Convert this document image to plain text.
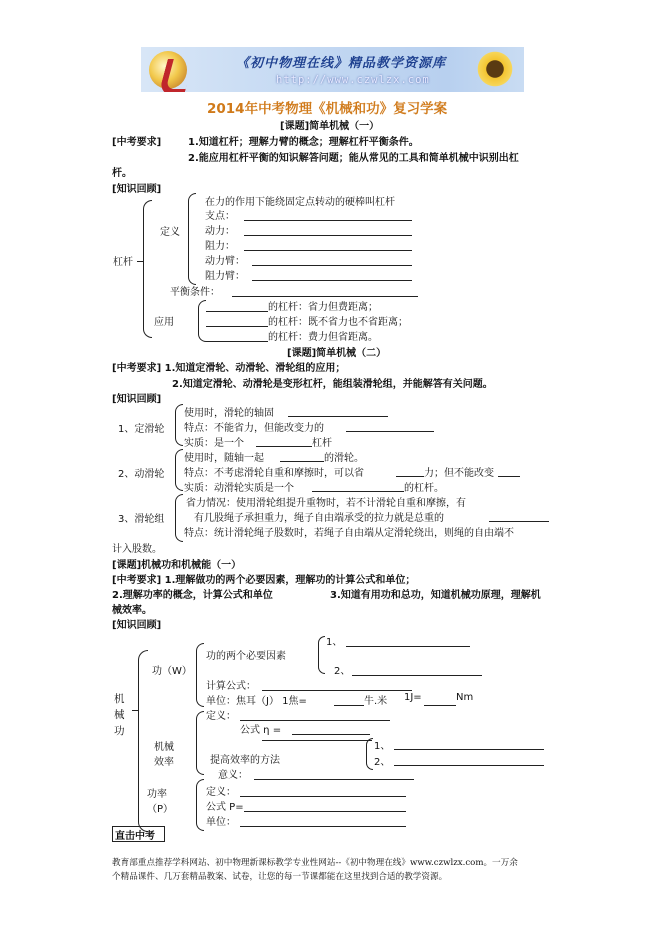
《初中物理在线》精品教学资源库
http://www.czwlzx.com
2014年中考物理《机械和功》复习学案
[课题]简单机械（一）
[中考要求]	1.知道杠杆；理解力臂的概念；理解杠杆平衡条件。
2.能应用杠杆平衡的知识解答问题；能从常见的工具和简单机械中识别出杠
杆。
[知识回顾]
杠杆
定义
在力的作用下能绕固定点转动的硬棒叫杠杆
支点：
动力：
阻力：
动力臂：
阻力臂：
平衡条件：
应用
的杠杆：省力但费距离；
的杠杆：既不省力也不省距离；
的杠杆：费力但省距离。
[课题]简单机械（二）
[中考要求] 1.知道定滑轮、动滑轮、滑轮组的应用；
2.知道定滑轮、动滑轮是变形杠杆，能组装滑轮组，并能解答有关问题。
[知识回顾]
1、定滑轮
使用时，滑轮的轴固
特点：不能省力，但能改变力的
实质：是一个	杠杆
2、动滑轮
使用时，随轴一起	的滑轮。
特点：不考虑滑轮自重和摩擦时，可以省	力；但不能改变
实质：动滑轮实质是一个	的杠杆。
3、滑轮组
省力情况：使用滑轮组提升重物时，若不计滑轮自重和摩擦，有
有几股绳子承担重力，绳子自由端承受的拉力就是总重的
特点：统计滑轮绳子股数时，若绳子自由端从定滑轮绕出，则绳的自由端不
计入股数。
[课题]机械功和机械能（一）
[中考要求] 1.理解做功的两个必要因素，理解功的计算公式和单位；
2.理解功率的概念，计算公式和单位	3.知道有用功和总功，知道机械功原理，理解机
械效率。
[知识回顾]
机
械
功
功（W）
功的两个必要因素
1、
2、
计算公式：
单位：焦耳（J） 1焦=	牛.米 1J=	Nm
定义：
机械
效率
公式 η =
提高效率的方法
1、
2、
意义：
功率
（P）
定义：
公式 P=
单位：
直击中考
教育部重点推荐学科网站、初中物理新课标教学专业性网站--《初中物理在线》www.czwlzx.com。一万余
个精品课件、几万套精品教案、试卷，让您的每一节课都能在这里找到合适的教学资源。
